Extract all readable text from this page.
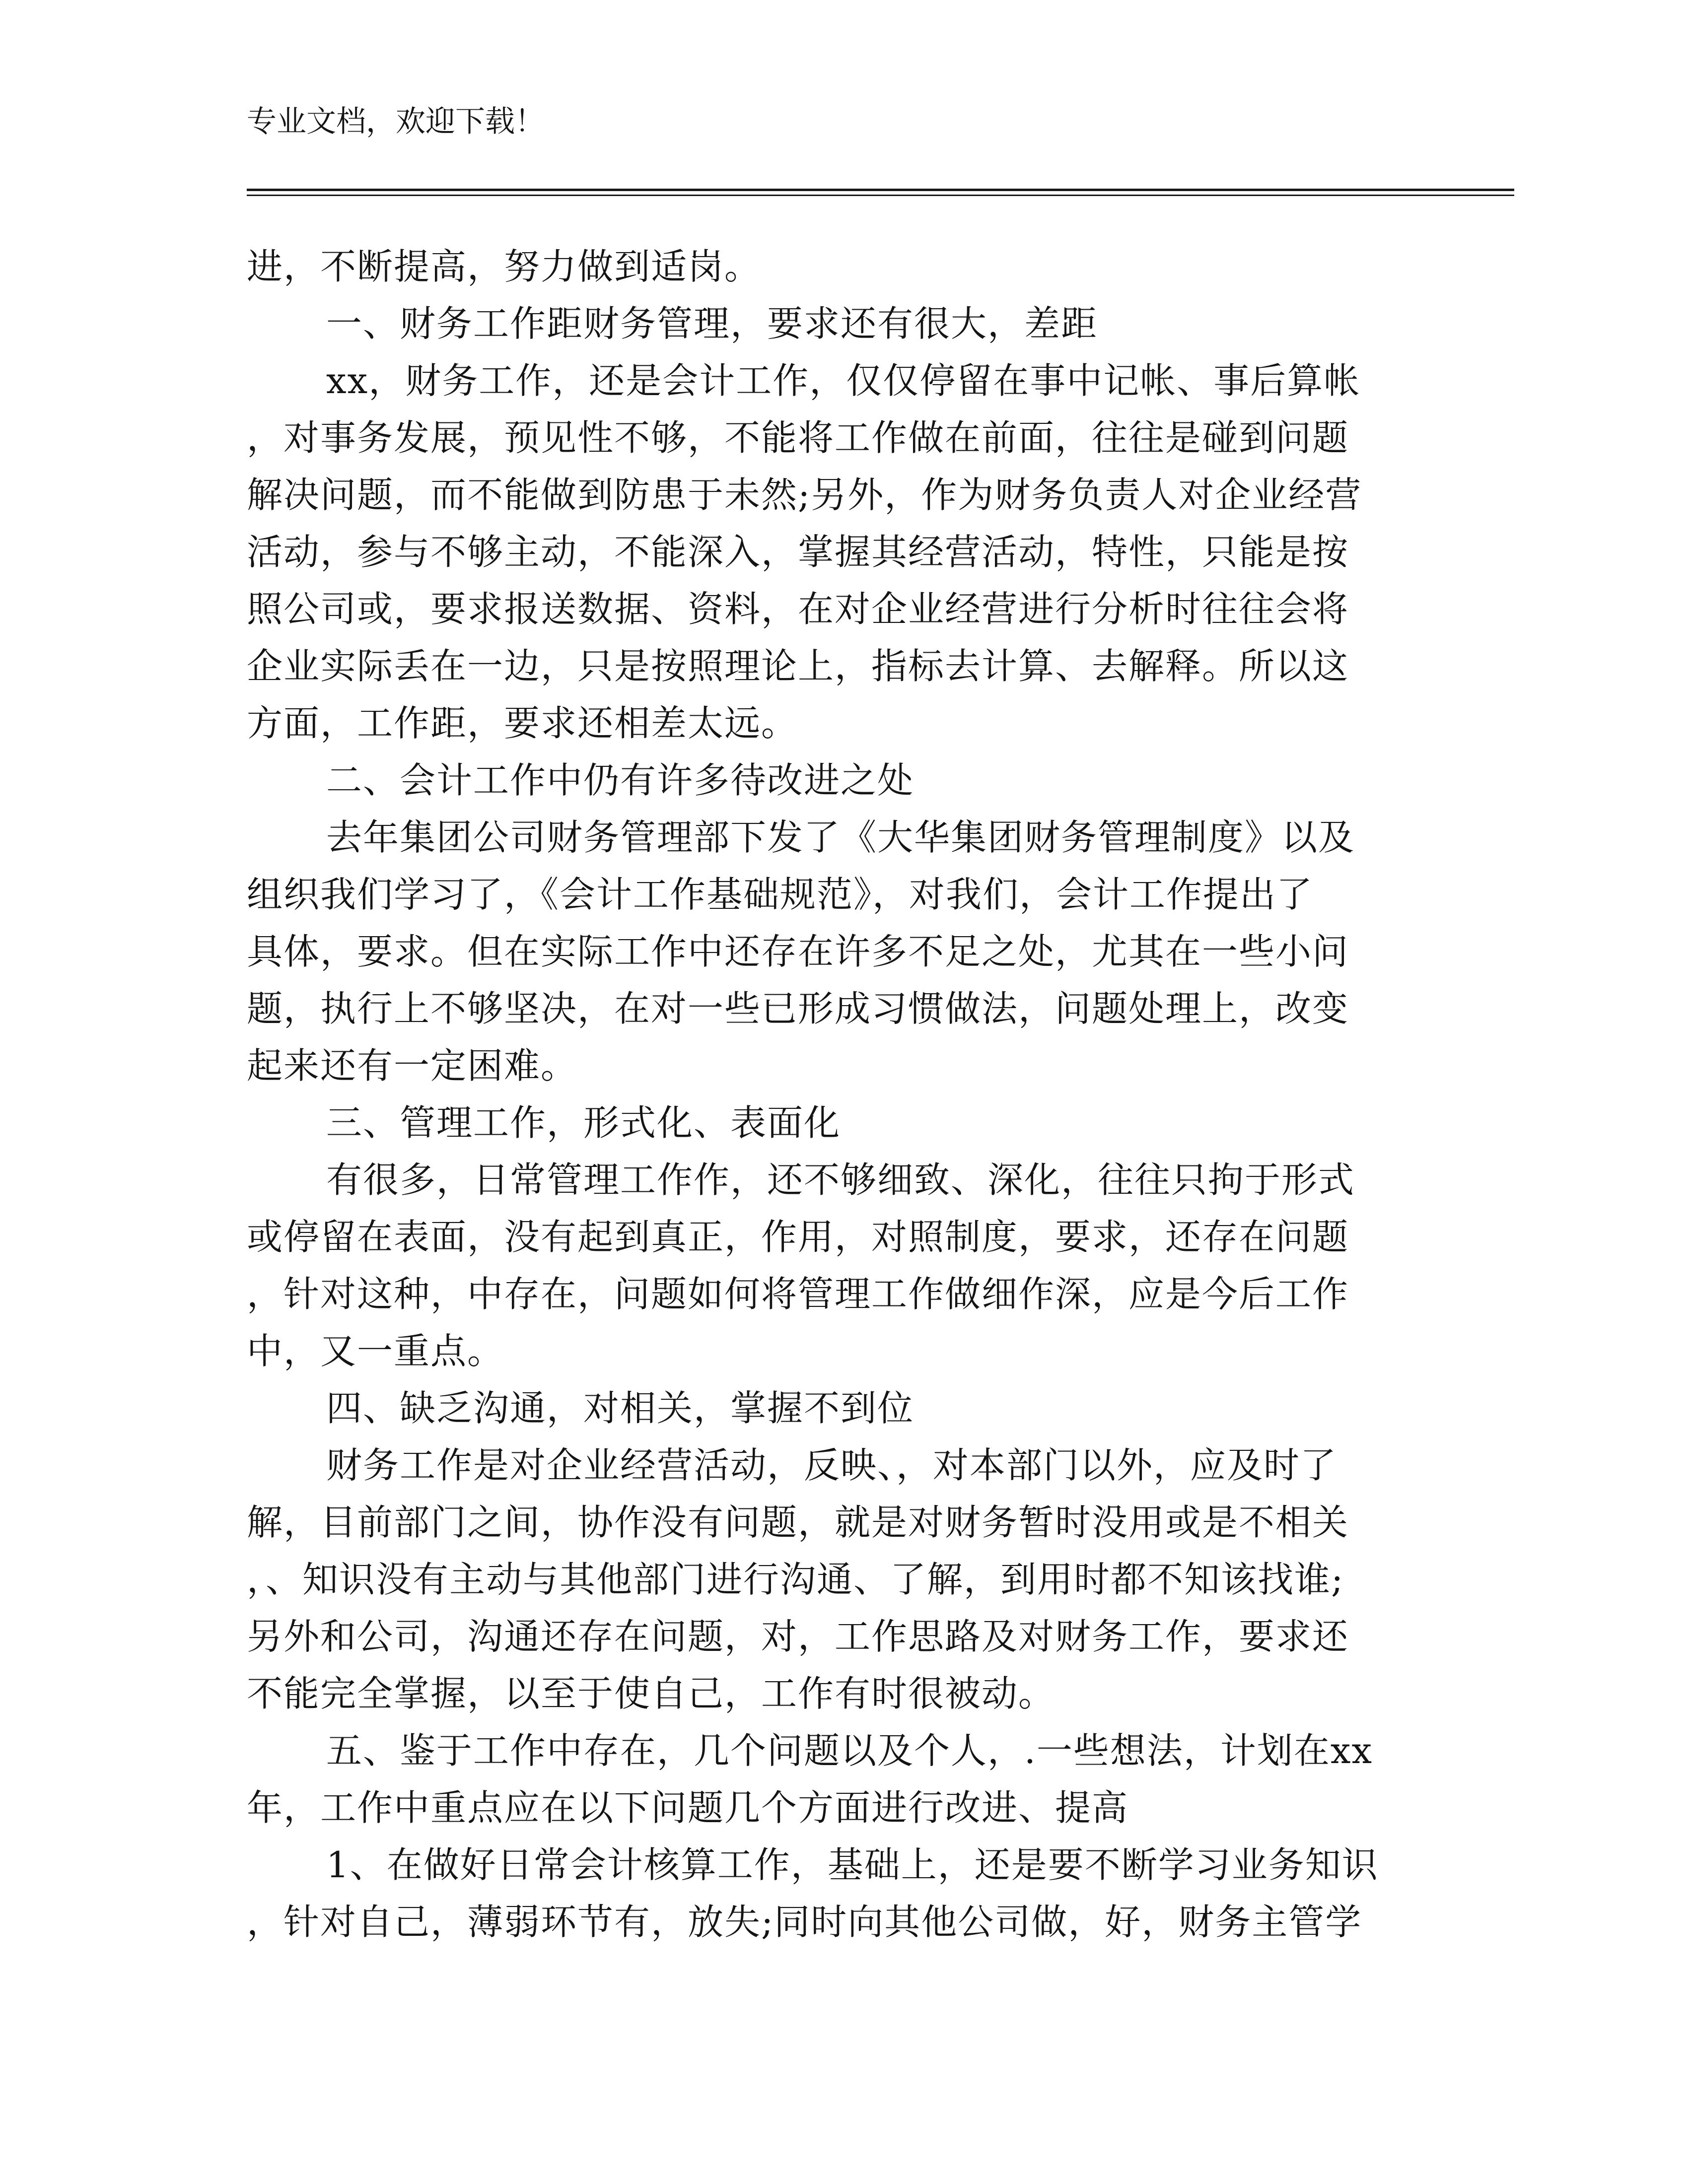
专业文档，欢迎下载！
进，不断提高，努力做到适岗。
一、财务工作距财务管理，要求还有很大，差距
xx，财务工作，还是会计工作，仅仅停留在事中记帐、事后算帐
，对事务发展，预见性不够，不能将工作做在前面，往往是碰到问题
解决问题，而不能做到防患于未然;另外，作为财务负责人对企业经营
活动，参与不够主动，不能深入，掌握其经营活动，特性，只能是按
照公司或，要求报送数据、资料，在对企业经营进行分析时往往会将
企业实际丢在一边，只是按照理论上，指标去计算、去解释。所以这
方面，工作距，要求还相差太远。
二、会计工作中仍有许多待改进之处
去年集团公司财务管理部下发了《大华集团财务管理制度》以及
组织我们学习了，《会计工作基础规范》，对我们，会计工作提出了
具体，要求。但在实际工作中还存在许多不足之处，尤其在一些小问
题，执行上不够坚决，在对一些已形成习惯做法，问题处理上，改变
起来还有一定困难。
三、管理工作，形式化、表面化
有很多，日常管理工作作，还不够细致、深化，往往只拘于形式
或停留在表面，没有起到真正，作用，对照制度，要求，还存在问题
，针对这种，中存在，问题如何将管理工作做细作深，应是今后工作
中，又一重点。
四、缺乏沟通，对相关，掌握不到位
财务工作是对企业经营活动，反映、，对本部门以外，应及时了
解，目前部门之间，协作没有问题，就是对财务暂时没用或是不相关
，、知识没有主动与其他部门进行沟通、了解，到用时都不知该找谁;
另外和公司，沟通还存在问题，对，工作思路及对财务工作，要求还
不能完全掌握，以至于使自己，工作有时很被动。
五、鉴于工作中存在，几个问题以及个人，.一些想法，计划在xx
年，工作中重点应在以下问题几个方面进行改进、提高
1、在做好日常会计核算工作，基础上，还是要不断学习业务知识
，针对自己，薄弱环节有，放失;同时向其他公司做，好，财务主管学
